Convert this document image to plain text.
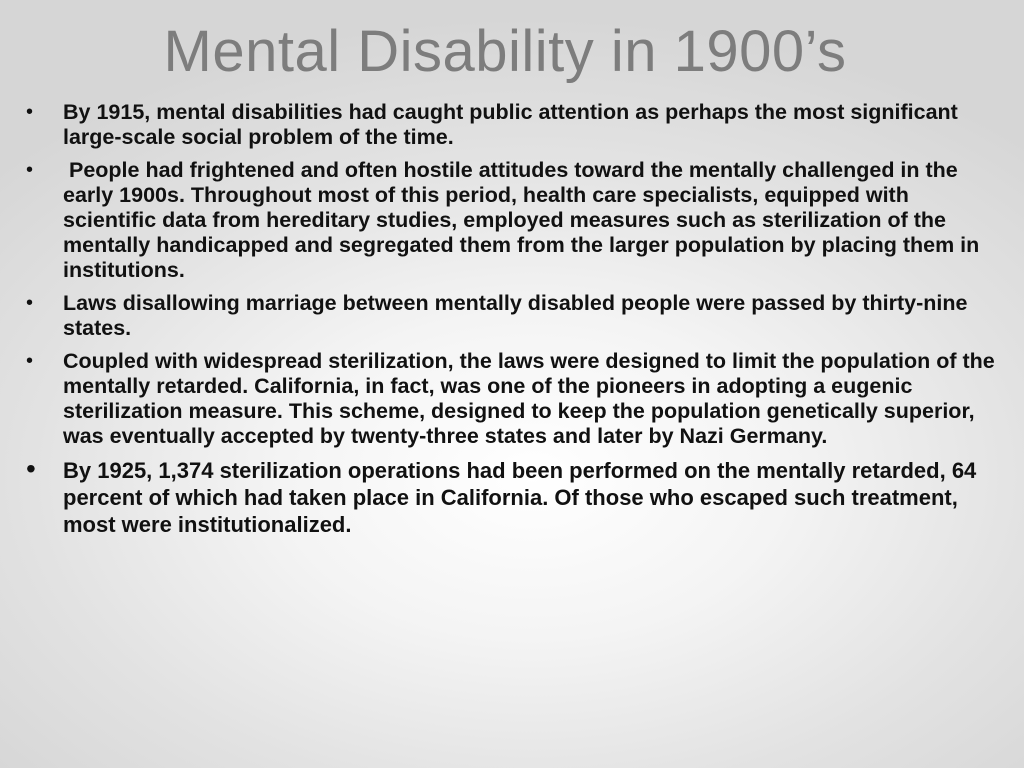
Mental Disability in 1900’s
• By 1915, mental disabilities had caught public attention as perhaps the most significant large-scale social problem of the time.
• People had frightened and often hostile attitudes toward the mentally challenged in the early 1900s. Throughout most of this period, health care specialists, equipped with scientific data from hereditary studies, employed measures such as sterilization of the mentally handicapped and segregated them from the larger population by placing them in institutions.
• Laws disallowing marriage between mentally disabled people were passed by thirty-nine states.
• Coupled with widespread sterilization, the laws were designed to limit the population of the mentally retarded. California, in fact, was one of the pioneers in adopting a eugenic sterilization measure. This scheme, designed to keep the population genetically superior, was eventually accepted by twenty-three states and later by Nazi Germany.
• By 1925, 1,374 sterilization operations had been performed on the mentally retarded, 64 percent of which had taken place in California. Of those who escaped such treatment, most were institutionalized.
